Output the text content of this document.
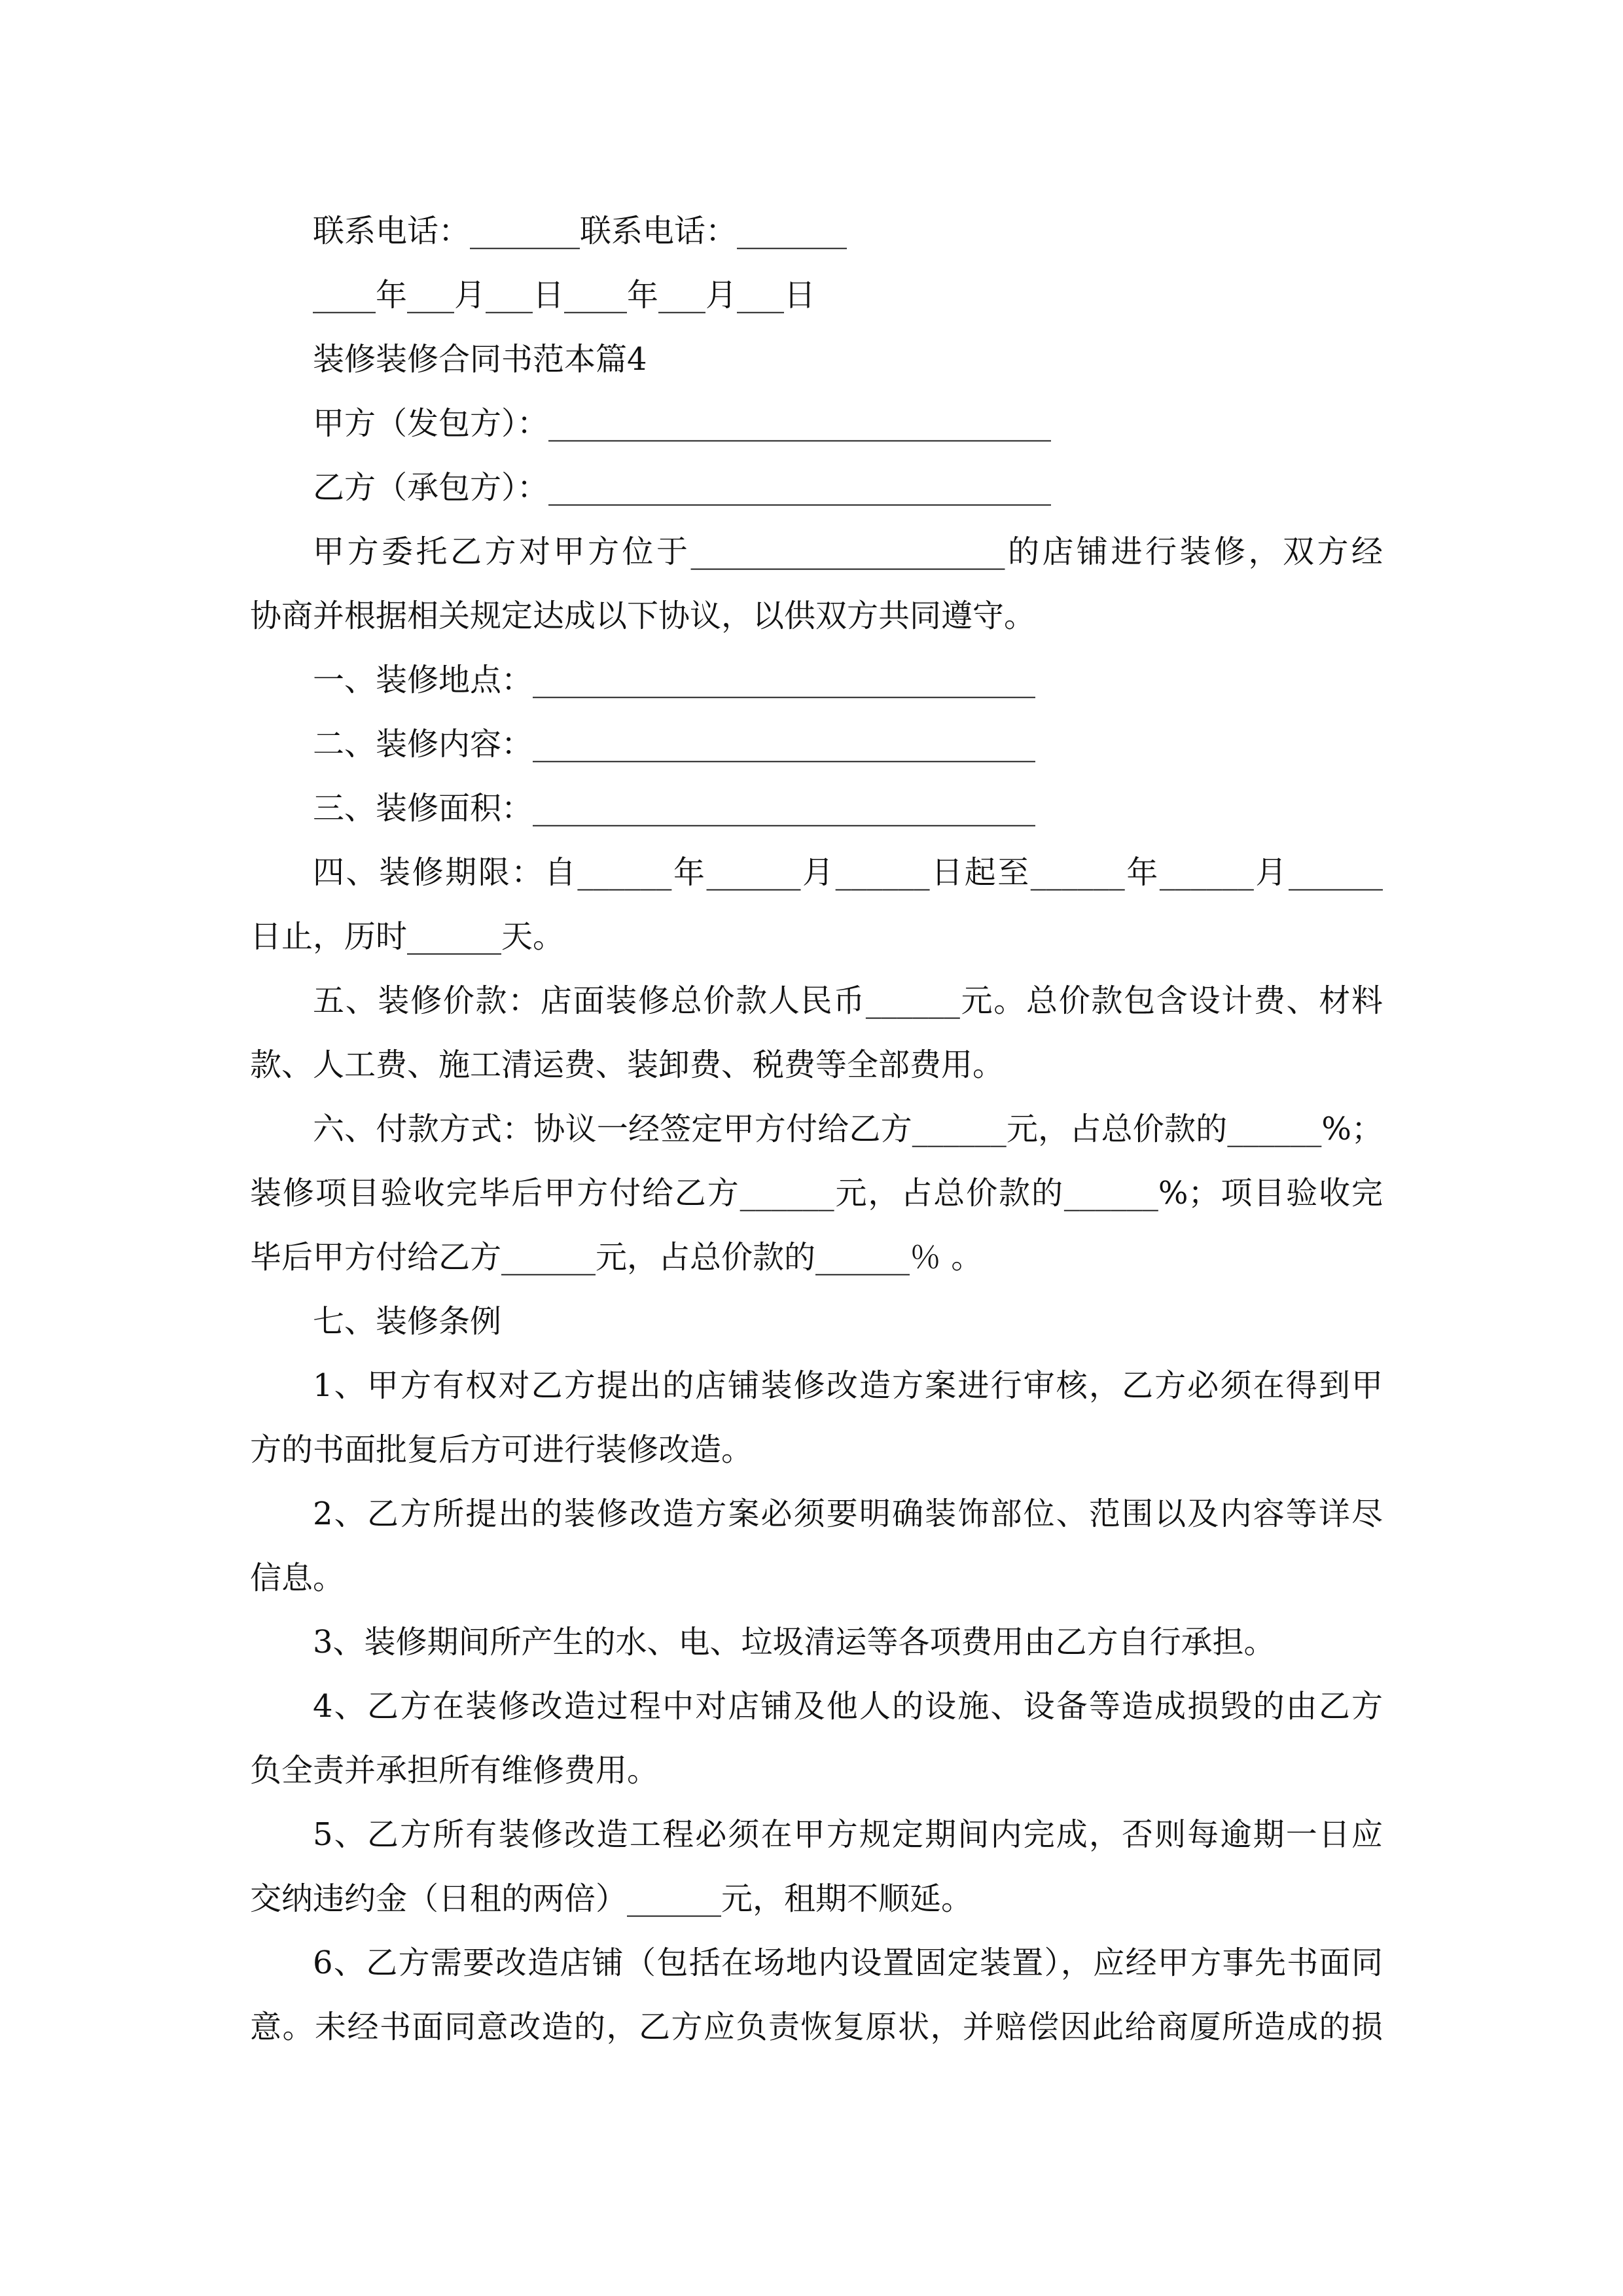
联系电话：_______联系电话：_______
____年___月___日____年___月___日
装修装修合同书范本篇4
甲方（发包方）：________________________________
乙方（承包方）：________________________________
甲方委托乙方对甲方位于____________________的店铺进行装修，双方经
协商并根据相关规定达成以下协议，以供双方共同遵守。
一、装修地点：________________________________
二、装修内容：________________________________
三、装修面积：________________________________
四、装修期限：自______年______月______日起至______年______月______
日止，历时______天。
五、装修价款：店面装修总价款人民币______元。总价款包含设计费、材料
款、人工费、施工清运费、装卸费、税费等全部费用。
六、付款方式：协议一经签定甲方付给乙方______元，占总价款的______%；
装修项目验收完毕后甲方付给乙方______元，占总价款的______%；项目验收完
毕后甲方付给乙方______元，占总价款的______％ 。
七、装修条例
1、甲方有权对乙方提出的店铺装修改造方案进行审核，乙方必须在得到甲
方的书面批复后方可进行装修改造。
2、乙方所提出的装修改造方案必须要明确装饰部位、范围以及内容等详尽
信息。
3、装修期间所产生的水、电、垃圾清运等各项费用由乙方自行承担。
4、乙方在装修改造过程中对店铺及他人的设施、设备等造成损毁的由乙方
负全责并承担所有维修费用。
5、乙方所有装修改造工程必须在甲方规定期间内完成，否则每逾期一日应
交纳违约金（日租的两倍）______元，租期不顺延。
6、乙方需要改造店铺（包括在场地内设置固定装置），应经甲方事先书面同
意。未经书面同意改造的，乙方应负责恢复原状，并赔偿因此给商厦所造成的损
